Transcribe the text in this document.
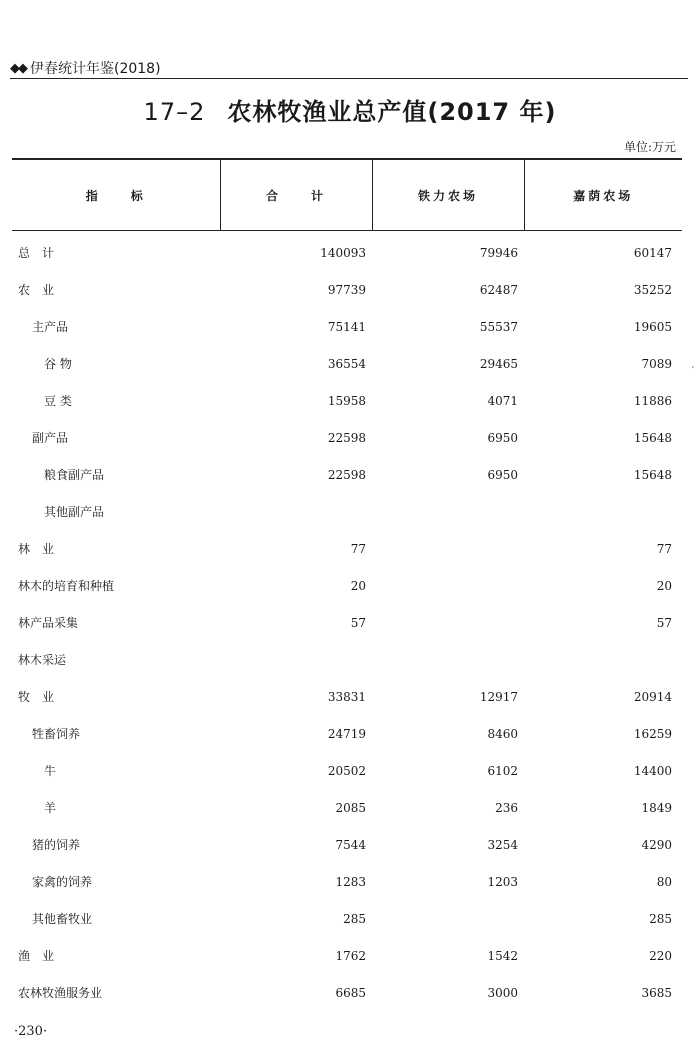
◆◆ 伊春统计年鉴(2018)
17–2 农林牧渔业总产值(2017 年)
单位:万元
指　　标	合　　计	铁力农场	嘉荫农场
总　计	140093	79946	60147
农　业	97739	62487	35252
主产品	75141	55537	19605
谷 物	36554	29465	7089
豆 类	15958	4071	11886
副产品	22598	6950	15648
粮食副产品	22598	6950	15648
其他副产品			
林　业	77		77
林木的培育和种植	20		20
林产品采集	57		57
林木采运			
牧　业	33831	12917	20914
牲畜饲养	24719	8460	16259
牛	20502	6102	14400
羊	2085	236	1849
猪的饲养	7544	3254	4290
家禽的饲养	1283	1203	80
其他畜牧业	285		285
渔　业	1762	1542	220
农林牧渔服务业	6685	3000	3685
′
·230·
